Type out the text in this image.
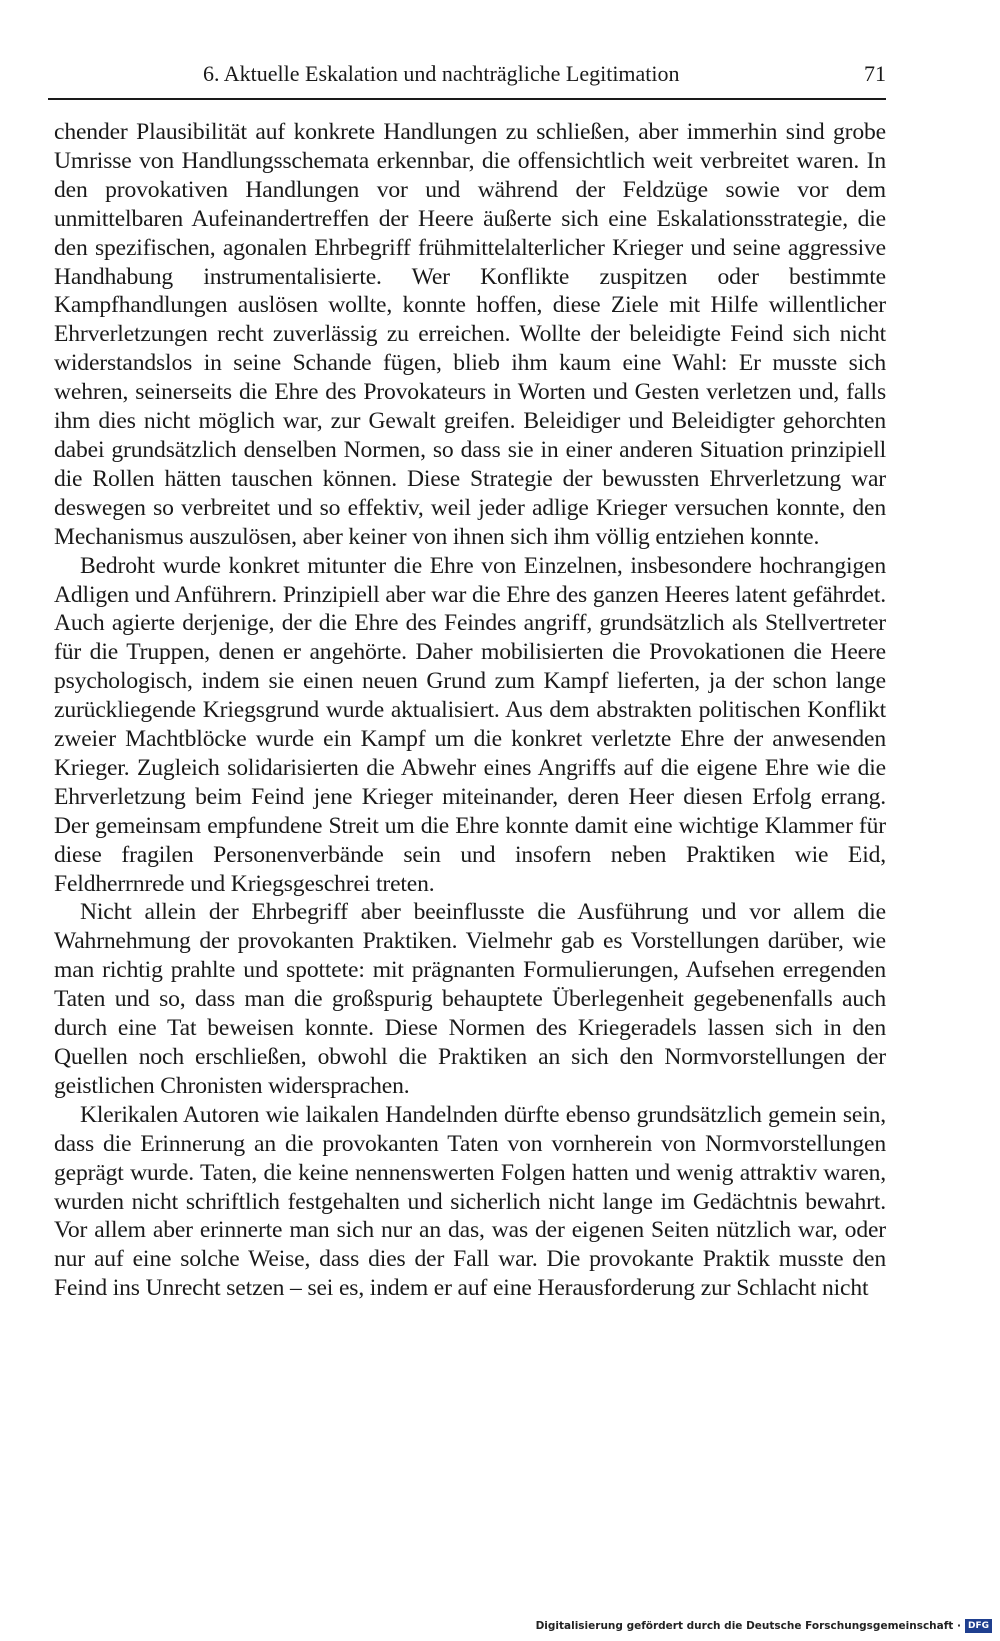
6. Aktuelle Eskalation und nachträgliche Legitimation	71

chender Plausibilität auf konkrete Handlungen zu schließen, aber immerhin sind grobe Umrisse von Handlungsschemata erkennbar, die offensichtlich weit verbreitet waren. In den provokativen Handlungen vor und während der Feldzüge sowie vor dem unmittelbaren Aufeinandertreffen der Heere äußerte sich eine Eskalationsstrategie, die den spezifischen, agonalen Ehrbegriff frühmittelalterlicher Krieger und seine aggressive Handhabung instrumentalisierte. Wer Konflikte zuspitzen oder bestimmte Kampfhandlungen auslösen wollte, konnte hoffen, diese Ziele mit Hilfe willentlicher Ehrverletzungen recht zuverlässig zu erreichen. Wollte der beleidigte Feind sich nicht widerstandslos in seine Schande fügen, blieb ihm kaum eine Wahl: Er musste sich wehren, seinerseits die Ehre des Provokateurs in Worten und Gesten verletzen und, falls ihm dies nicht möglich war, zur Gewalt greifen. Beleidiger und Beleidigter gehorchten dabei grundsätzlich denselben Normen, so dass sie in einer anderen Situation prinzipiell die Rollen hätten tauschen können. Diese Strategie der bewussten Ehrverletzung war deswegen so verbreitet und so effektiv, weil jeder adlige Krieger versuchen konnte, den Mechanismus auszulösen, aber keiner von ihnen sich ihm völlig entziehen konnte.

Bedroht wurde konkret mitunter die Ehre von Einzelnen, insbesondere hochrangigen Adligen und Anführern. Prinzipiell aber war die Ehre des ganzen Heeres latent gefährdet. Auch agierte derjenige, der die Ehre des Feindes angriff, grundsätzlich als Stellvertreter für die Truppen, denen er angehörte. Daher mobilisierten die Provokationen die Heere psychologisch, indem sie einen neuen Grund zum Kampf lieferten, ja der schon lange zurückliegende Kriegsgrund wurde aktualisiert. Aus dem abstrakten politischen Konflikt zweier Machtblöcke wurde ein Kampf um die konkret verletzte Ehre der anwesenden Krieger. Zugleich solidarisierten die Abwehr eines Angriffs auf die eigene Ehre wie die Ehrverletzung beim Feind jene Krieger miteinander, deren Heer diesen Erfolg errang. Der gemeinsam empfundene Streit um die Ehre konnte damit eine wichtige Klammer für diese fragilen Personenverbände sein und insofern neben Praktiken wie Eid, Feldherrnrede und Kriegsgeschrei treten.

Nicht allein der Ehrbegriff aber beeinflusste die Ausführung und vor allem die Wahrnehmung der provokanten Praktiken. Vielmehr gab es Vorstellungen darüber, wie man richtig prahlte und spottete: mit prägnanten Formulierungen, Aufsehen erregenden Taten und so, dass man die großspurig behauptete Überlegenheit gegebenenfalls auch durch eine Tat beweisen konnte. Diese Normen des Kriegeradels lassen sich in den Quellen noch erschließen, obwohl die Praktiken an sich den Normvorstellungen der geistlichen Chronisten widersprachen.

Klerikalen Autoren wie laikalen Handelnden dürfte ebenso grundsätzlich gemein sein, dass die Erinnerung an die provokanten Taten von vornherein von Normvorstellungen geprägt wurde. Taten, die keine nennenswerten Folgen hatten und wenig attraktiv waren, wurden nicht schriftlich festgehalten und sicherlich nicht lange im Gedächtnis bewahrt. Vor allem aber erinnerte man sich nur an das, was der eigenen Seiten nützlich war, oder nur auf eine solche Weise, dass dies der Fall war. Die provokante Praktik musste den Feind ins Unrecht setzen – sei es, indem er auf eine Herausforderung zur Schlacht nicht

Digitalisierung gefördert durch die Deutsche Forschungsgemeinschaft · DFG
